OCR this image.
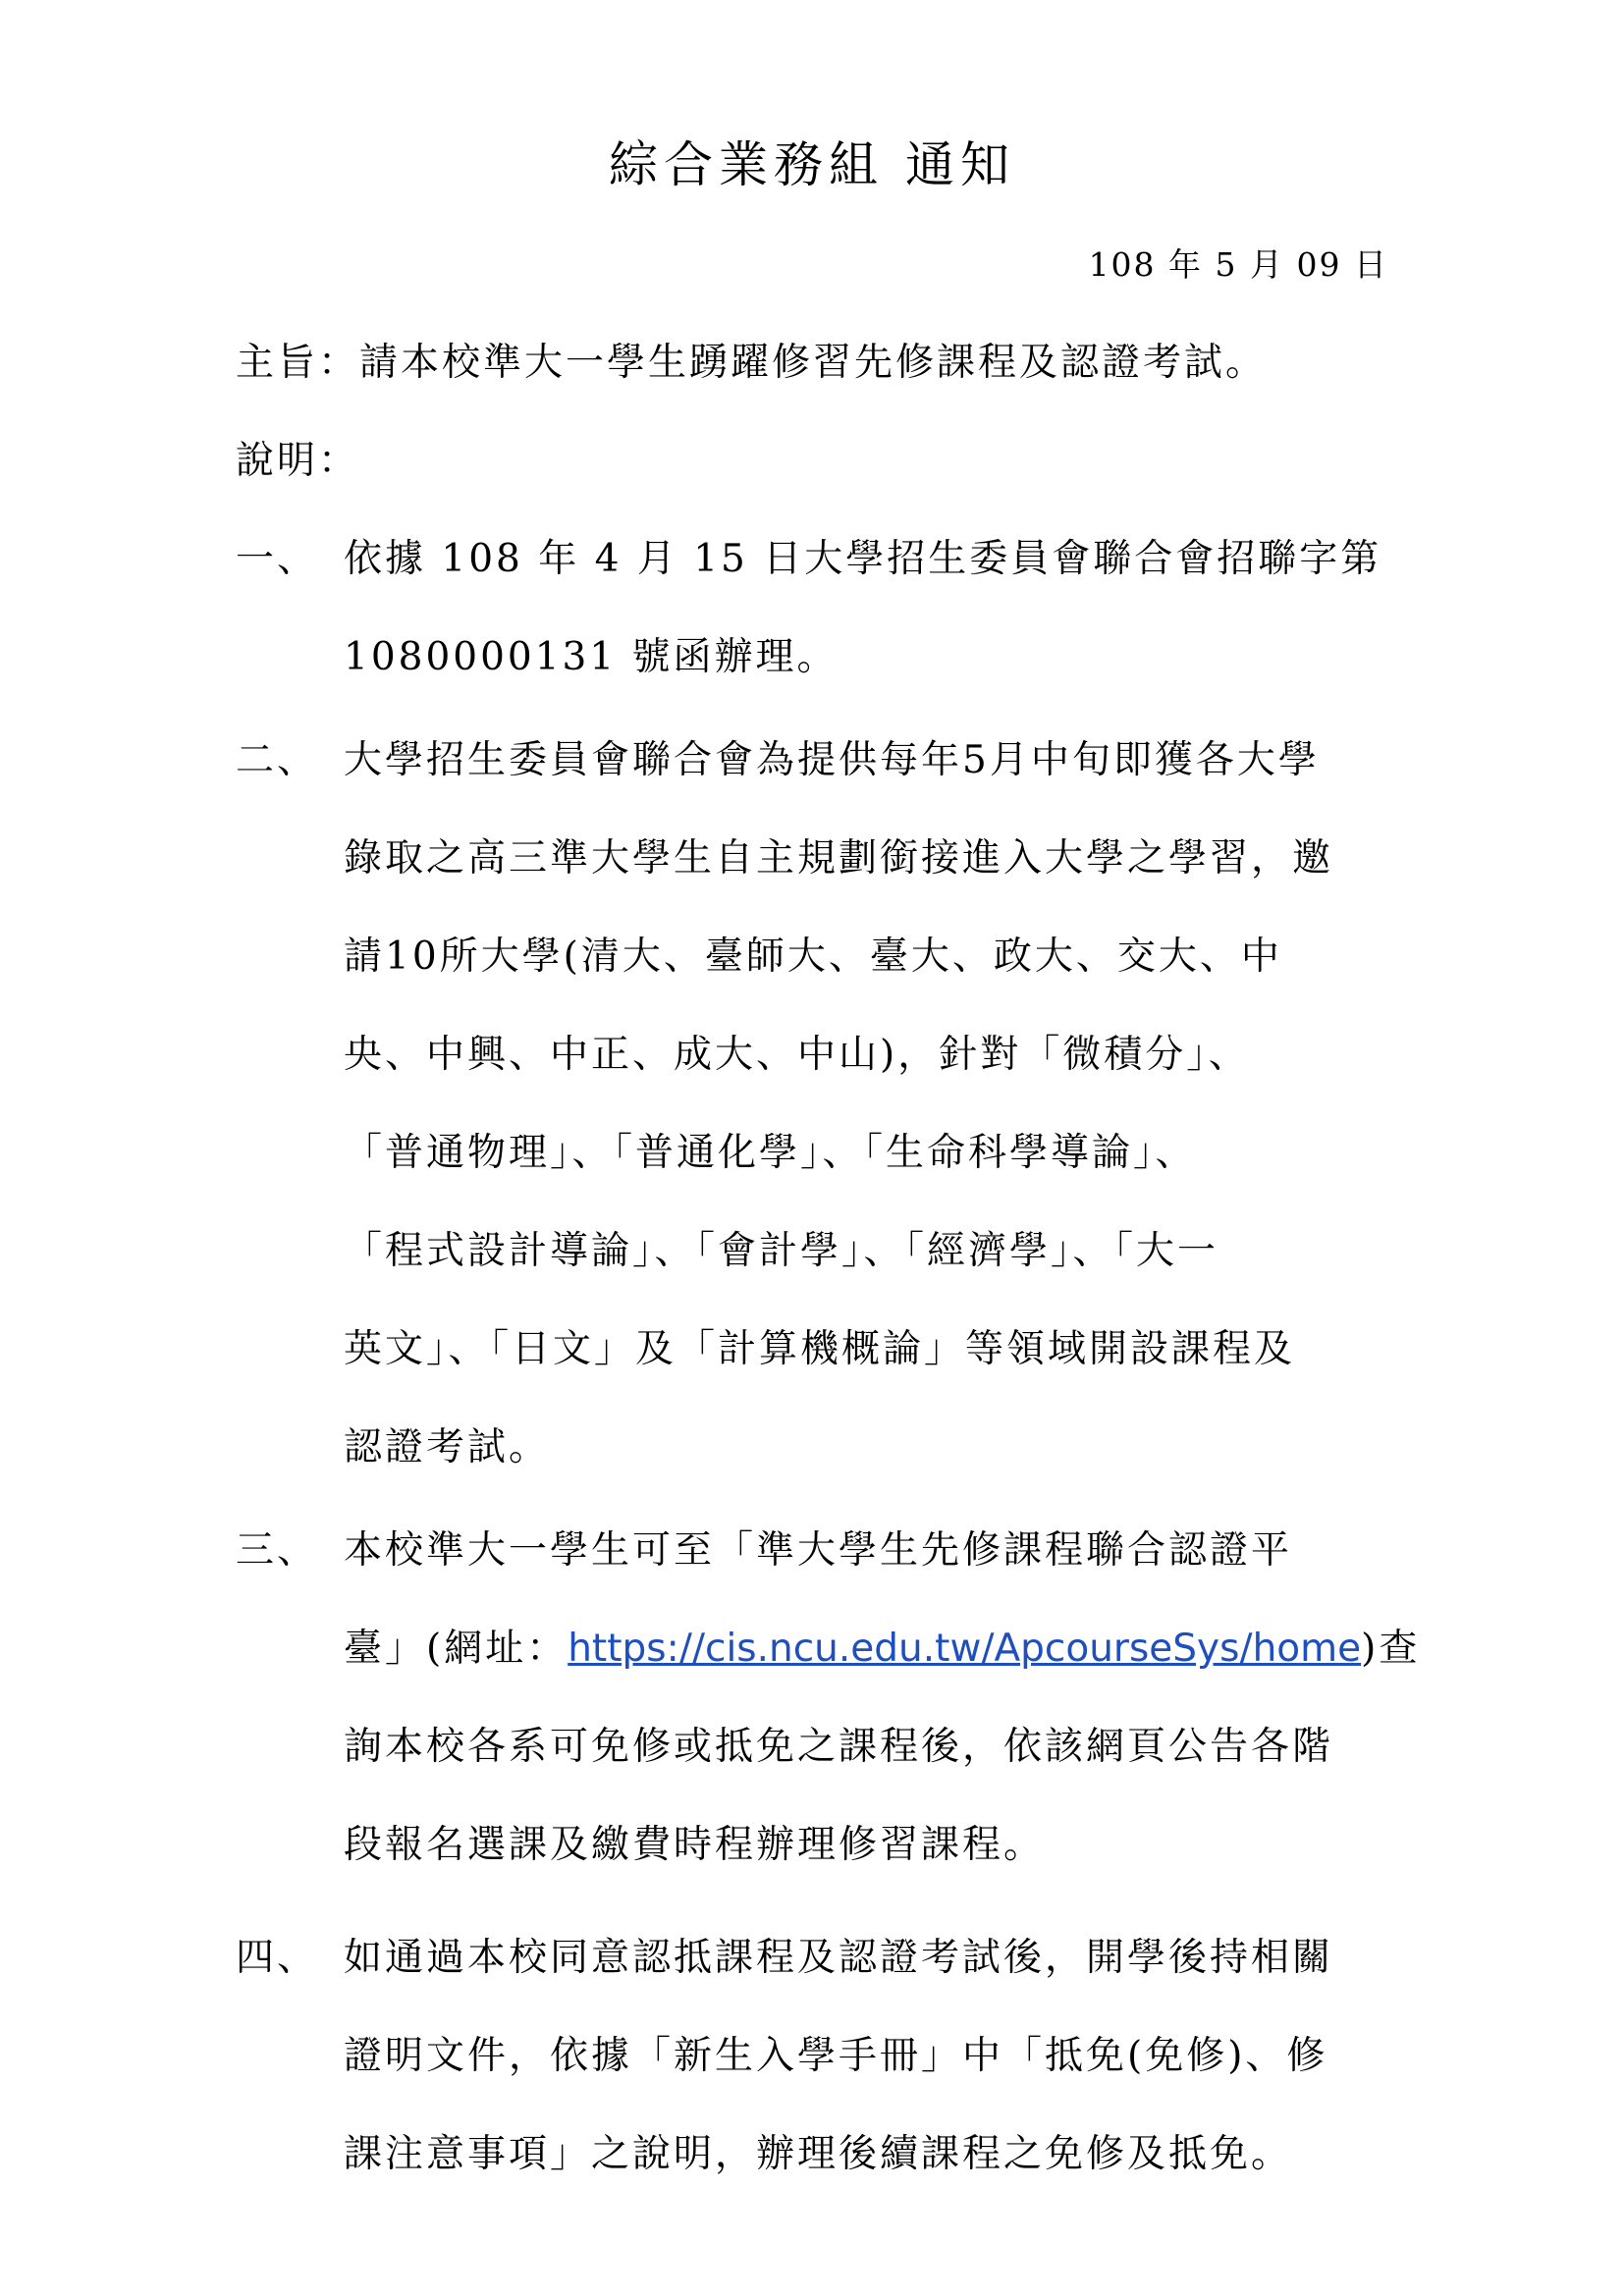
綜合業務組 通知
108 年 5 月 09 日
主旨：請本校準大一學生踴躍修習先修課程及認證考試。
說明：
一、 依據 108 年 4 月 15 日大學招生委員會聯合會招聯字第
1080000131 號函辦理。
二、 大學招生委員會聯合會為提供每年5月中旬即獲各大學
錄取之高三準大學生自主規劃銜接進入大學之學習，邀
請10所大學(清大、臺師大、臺大、政大、交大、中
央、中興、中正、成大、中山)，針對「微積分」、
「普通物理」、「普通化學」、「生命科學導論」、
「程式設計導論」、「會計學」、「經濟學」、「大一
英文」、「日文」及「計算機概論」等領域開設課程及
認證考試。
三、 本校準大一學生可至「準大學生先修課程聯合認證平
臺」(網址：https://cis.ncu.edu.tw/ApcourseSys/home)查
詢本校各系可免修或抵免之課程後，依該網頁公告各階
段報名選課及繳費時程辦理修習課程。
四、 如通過本校同意認抵課程及認證考試後，開學後持相關
證明文件，依據「新生入學手冊」中「抵免(免修)、修
課注意事項」之說明，辦理後續課程之免修及抵免。
